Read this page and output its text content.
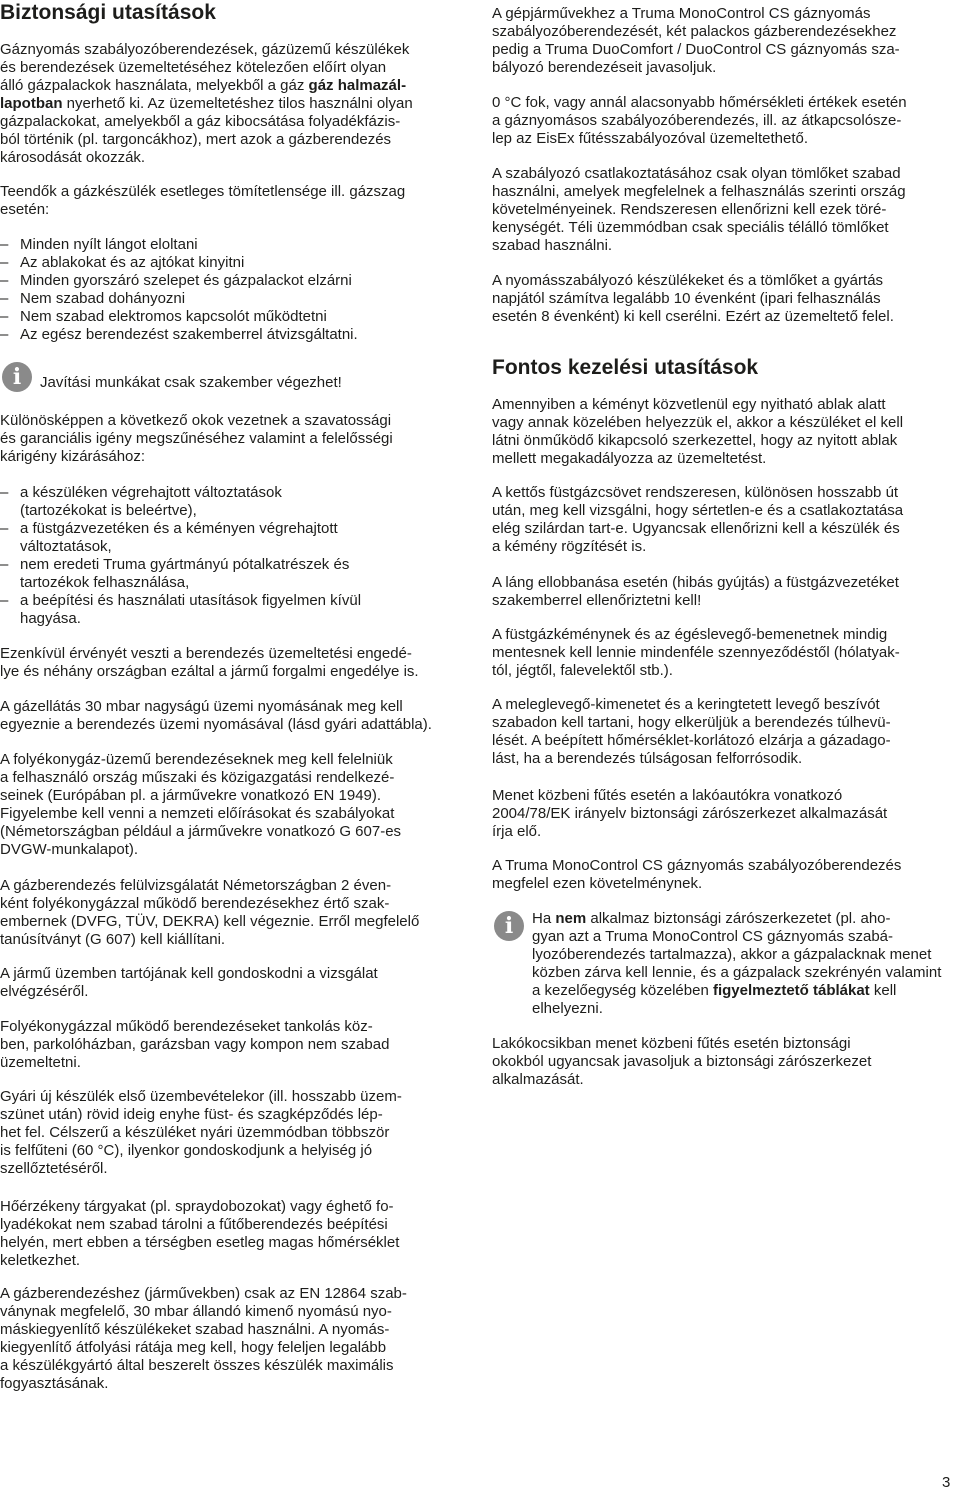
Biztonsági utasítások

Gáznyomás szabályozóberendezések, gázüzemű készülékek
és berendezések üzemeltetéséhez kötelezően előírt olyan
álló gázpalackok használata, melyekből a gáz gáz halmazál-
lapotban nyerhető ki. Az üzemeltetéshez tilos használni olyan
gázpalackokat, amelyekből a gáz kibocsátása folyadékfázis-
ból történik (pl. targoncákhoz), mert azok a gázberendezés
károsodását okozzák.

Teendők a gázkészülék esetleges tömítetlensége ill. gázszag
esetén:

– Minden nyílt lángot eloltani
– Az ablakokat és az ajtókat kinyitni
– Minden gyorszáró szelepet és gázpalackot elzárni
– Nem szabad dohányozni
– Nem szabad elektromos kapcsolót működtetni
– Az egész berendezést szakemberrel átvizsgáltatni.
i	Javítási munkákat csak szakember végezhet!

Különösképpen a következő okok vezetnek a szavatossági
és garanciális igény megszűnéséhez valamint a felelősségi
kárigény kizárásához:

– a készüléken végrehajtott változtatások
(tartozékokat is beleértve),
– a füstgázvezetéken és a kéményen végrehajtott
változtatások,
– nem eredeti Truma gyártmányú pótalkatrészek és
tartozékok felhasználása,
– a beépítési és használati utasítások figyelmen kívül
hagyása.

Ezenkívül érvényét veszti a berendezés üzemeltetési engedé-
lye és néhány országban ezáltal a jármű forgalmi engedélye is.

A gázellátás 30 mbar nagyságú üzemi nyomásának meg kell
egyeznie a berendezés üzemi nyomásával (lásd gyári adattábla).

A folyékonygáz-üzemű berendezéseknek meg kell felelniük
a felhasználó ország műszaki és közigazgatási rendelkezé-
seinek (Európában pl. a járművekre vonatkozó EN 1949).
Figyelembe kell venni a nemzeti előírásokat és szabályokat
(Németországban például a járművekre vonatkozó G 607-es
DVGW-munkalapot).

A gázberendezés felülvizsgálatát Németországban 2 éven-
ként folyékonygázzal működő berendezésekhez értő szak-
embernek (DVFG, TÜV, DEKRA) kell végeznie. Erről megfelelő
tanúsítványt (G 607) kell kiállítani.

A jármű üzemben tartójának kell gondoskodni a vizsgálat
elvégzéséről.

Folyékonygázzal működő berendezéseket tankolás köz-
ben, parkolóházban, garázsban vagy kompon nem szabad
üzemeltetni.

Gyári új készülék első üzembevételekor (ill. hosszabb üzem-
szünet után) rövid ideig enyhe füst- és szagképződés lép-
het fel. Célszerű a készüléket nyári üzemmódban többször
is felfűteni (60 °C), ilyenkor gondoskodjunk a helyiség jó
szellőztetéséről.

Hőérzékeny tárgyakat (pl. spraydobozokat) vagy éghető fo-
lyadékokat nem szabad tárolni a fűtőberendezés beépítési
helyén, mert ebben a térségben esetleg magas hőmérséklet
keletkezhet.

A gázberendezéshez (járművekben) csak az EN 12864 szab-
ványnak megfelelő, 30 mbar állandó kimenő nyomású nyo-
máskiegyenlítő készülékeket szabad használni. A nyomás-
kiegyenlítő átfolyási rátája meg kell, hogy feleljen legalább
a készülékgyártó által beszerelt összes készülék maximális
fogyasztásának.

A gépjárművekhez a Truma MonoControl CS gáznyomás
szabályozóberendezését, két palackos gázberendezésekhez
pedig a Truma DuoComfort / DuoControl CS gáznyomás sza-
bályozó berendezéseit javasoljuk.

0 °C fok, vagy annál alacsonyabb hőmérsékleti értékek esetén
a gáznyomásos szabályozóberendezés, ill. az átkapcsolósze-
lep az EisEx fűtésszabályozóval üzemeltethető.

A szabályozó csatlakoztatásához csak olyan tömlőket szabad
használni, amelyek megfelelnek a felhasználás szerinti ország
követelményeinek. Rendszeresen ellenőrizni kell ezek töré-
kenységét. Téli üzemmódban csak speciális télálló tömlőket
szabad használni.

A nyomásszabályozó készülékeket és a tömlőket a gyártás
napjától számítva legalább 10 évenként (ipari felhasználás
esetén 8 évenként) ki kell cserélni. Ezért az üzemeltető felel.

Fontos kezelési utasítások

Amennyiben a kéményt közvetlenül egy nyitható ablak alatt
vagy annak közelében helyezzük el, akkor a készüléket el kell
látni önműködő kikapcsoló szerkezettel, hogy az nyitott ablak
mellett megakadályozza az üzemeltetést.

A kettős füstgázcsövet rendszeresen, különösen hosszabb út
után, meg kell vizsgálni, hogy sértetlen-e és a csatlakoztatása
elég szilárdan tart-e. Ugyancsak ellenőrizni kell a készülék és
a kémény rögzítését is.

A láng ellobbanása esetén (hibás gyújtás) a füstgázvezetéket
szakemberrel ellenőriztetni kell!

A füstgázkéménynek és az égéslevegő-bemenetnek mindig
mentesnek kell lennie mindenféle szennyeződéstől (hólatyak-
tól, jégtől, falevelektől stb.).

A meleglevegő-kimenetet és a keringtetett levegő beszívót
szabadon kell tartani, hogy elkerüljük a berendezés túlhevü-
lését. A beépített hőmérséklet-korlátozó elzárja a gázadago-
lást, ha a berendezés túlságosan felforrósodik.

Menet közbeni fűtés esetén a lakóautókra vonatkozó
2004/78/EK irányelv biztonsági zárószerkezet alkalmazását
írja elő.

A Truma MonoControl CS gáznyomás szabályozóberendezés
megfelel ezen követelménynek.

i	Ha nem alkalmaz biztonsági zárószerkezetet (pl. aho-
gyan azt a Truma MonoControl CS gáznyomás szabá-
lyozóberendezés tartalmazza), akkor a gázpalacknak menet
közben zárva kell lennie, és a gázpalack szekrényén valamint
a kezelőegység közelében figyelmeztető táblákat kell
elhelyezni.

Lakókocsikban menet közbeni fűtés esetén biztonsági
okokból ugyancsak javasoljuk a biztonsági zárószerkezet
alkalmazását.

3
